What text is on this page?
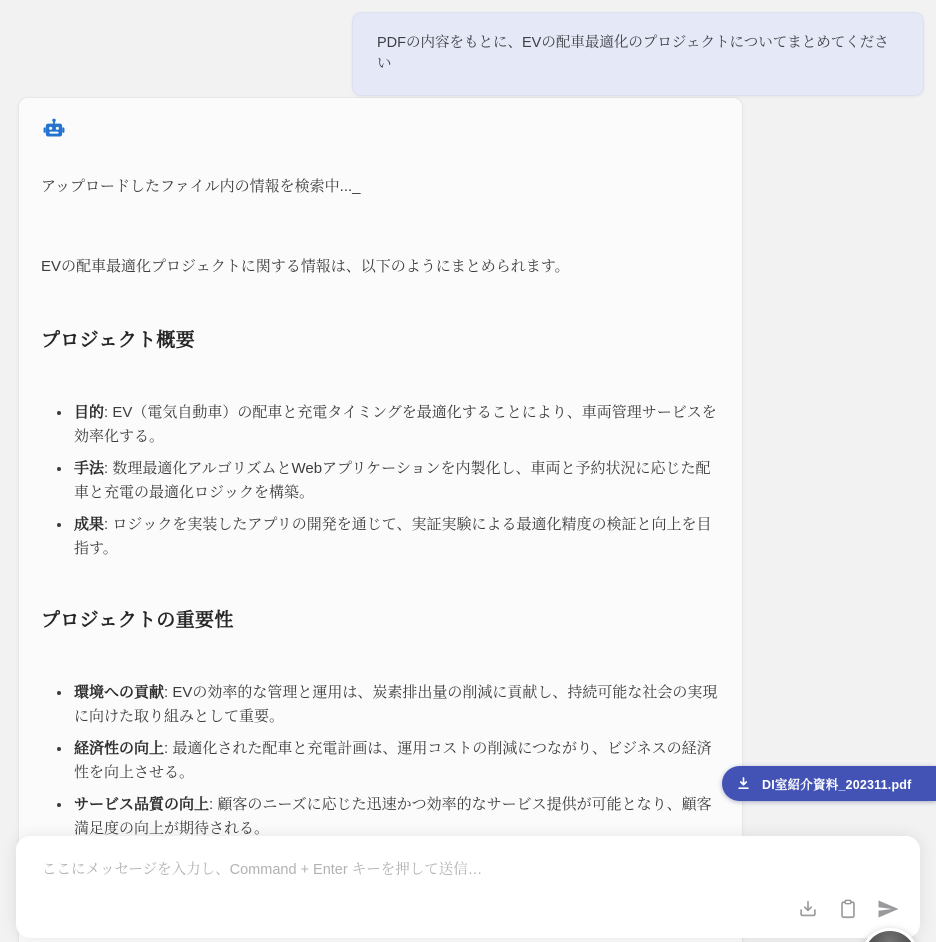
PDFの内容をもとに、EVの配車最適化のプロジェクトについてまとめてください

アップロードしたファイル内の情報を検索中..._

EVの配車最適化プロジェクトに関する情報は、以下のようにまとめられます。

プロジェクト概要
• 目的: EV（電気自動車）の配車と充電タイミングを最適化することにより、車両管理サービスを効率化する。
• 手法: 数理最適化アルゴリズムとWebアプリケーションを内製化し、車両と予約状況に応じた配車と充電の最適化ロジックを構築。
• 成果: ロジックを実装したアプリの開発を通じて、実証実験による最適化精度の検証と向上を目指す。
プロジェクトの重要性
• 環境への貢献: EVの効率的な管理と運用は、炭素排出量の削減に貢献し、持続可能な社会の実現に向けた取り組みとして重要。
• 経済性の向上: 最適化された配車と充電計画は、運用コストの削減につながり、ビジネスの経済性を向上させる。
• サービス品質の向上: 顧客のニーズに応じた迅速かつ効率的なサービス提供が可能となり、顧客満足度の向上が期待される。
DI室紹介資料_202311.pdf
ここにメッセージを入力し、Command + Enter キーを押して送信…
